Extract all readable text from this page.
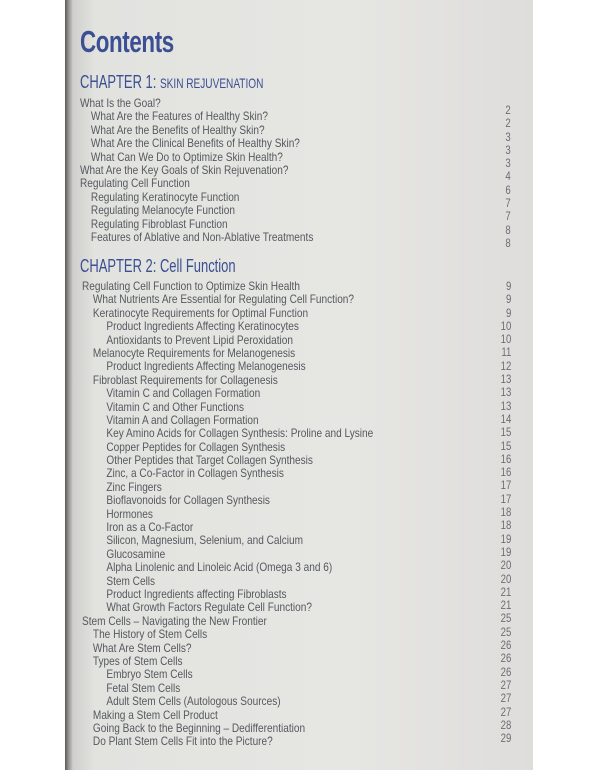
Contents
CHAPTER 1: SKIN REJUVENATION
What Is the Goal?
What Are the Features of Healthy Skin?
What Are the Benefits of Healthy Skin?
What Are the Clinical Benefits of Healthy Skin?
What Can We Do to Optimize Skin Health?
What Are the Key Goals of Skin Rejuvenation?
Regulating Cell Function
Regulating Keratinocyte Function
Regulating Melanocyte Function
Regulating Fibroblast Function
Features of Ablative and Non-Ablative Treatments
2
2
3
3
3
4
6
7
7
8
8
CHAPTER 2: Cell Function
Regulating Cell Function to Optimize Skin Health
What Nutrients Are Essential for Regulating Cell Function?
Keratinocyte Requirements for Optimal Function
Product Ingredients Affecting Keratinocytes
Antioxidants to Prevent Lipid Peroxidation
Melanocyte Requirements for Melanogenesis
Product Ingredients Affecting Melanogenesis
Fibroblast Requirements for Collagenesis
Vitamin C and Collagen Formation
Vitamin C and Other Functions
Vitamin A and Collagen Formation
Key Amino Acids for Collagen Synthesis: Proline and Lysine
Copper Peptides for Collagen Synthesis
Other Peptides that Target Collagen Synthesis
Zinc, a Co-Factor in Collagen Synthesis
Zinc Fingers
Bioflavonoids for Collagen Synthesis
Hormones
Iron as a Co-Factor
Silicon, Magnesium, Selenium, and Calcium
Glucosamine
Alpha Linolenic and Linoleic Acid (Omega 3 and 6)
Stem Cells
Product Ingredients affecting Fibroblasts
What Growth Factors Regulate Cell Function?
Stem Cells – Navigating the New Frontier
The History of Stem Cells
What Are Stem Cells?
Types of Stem Cells
Embryo Stem Cells
Fetal Stem Cells
Adult Stem Cells (Autologous Sources)
Making a Stem Cell Product
Going Back to the Beginning – Dedifferentiation
Do Plant Stem Cells Fit into the Picture?
9
9
9
10
10
11
12
13
13
13
14
15
15
16
16
17
17
18
18
19
19
20
20
21
21
25
25
26
26
26
27
27
27
28
29
